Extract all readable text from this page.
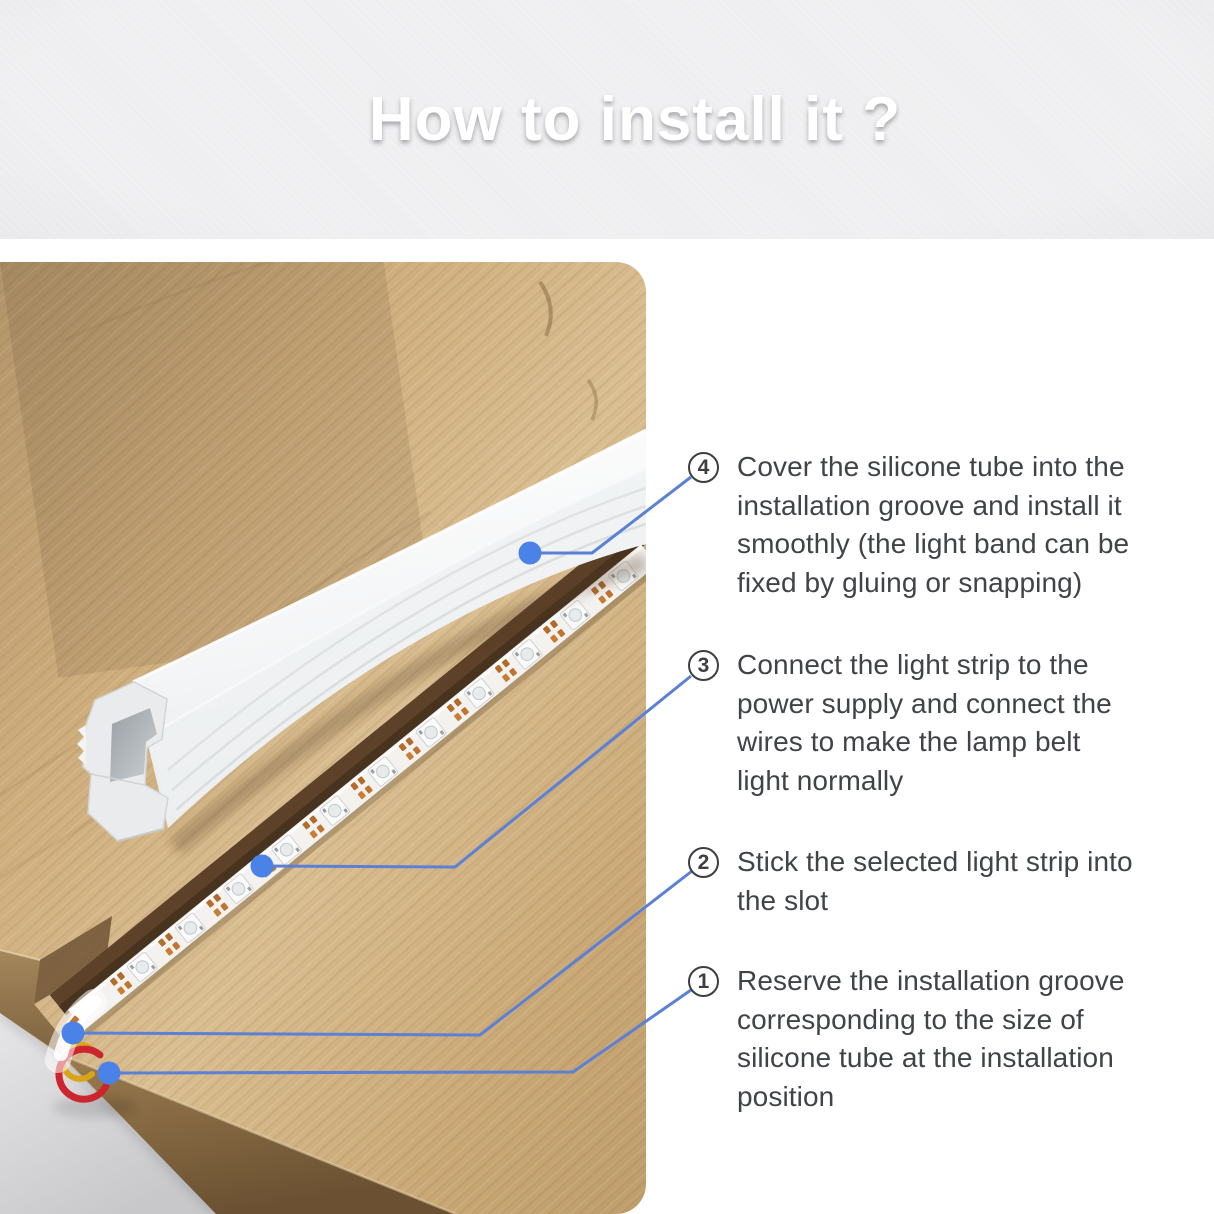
How to install it ?
4
3
2
1
Cover the silicone tube into the
installation groove and install it
smoothly (the light band can be
fixed by gluing or snapping)
Connect the light strip to the
power supply and connect the
wires to make the lamp belt
light normally
Stick the selected light strip into
the slot
Reserve the installation groove
corresponding to the size of
silicone tube at the installation
position
